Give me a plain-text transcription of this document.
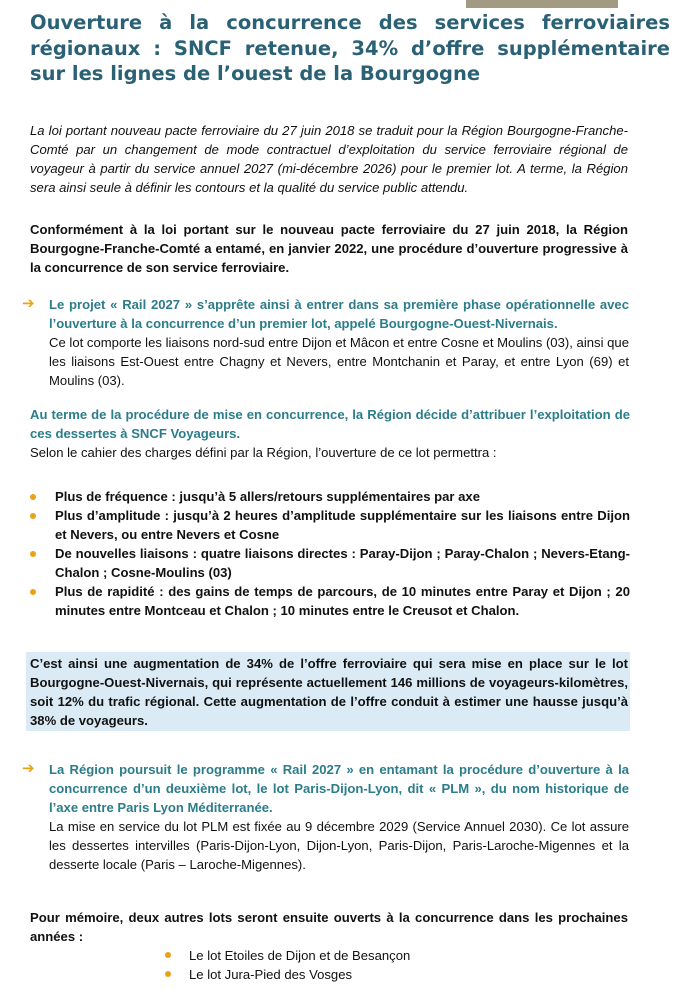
Ouverture à la concurrence des services ferroviaires régionaux : SNCF retenue, 34% d’offre supplémentaire sur les lignes de l’ouest de la Bourgogne

La loi portant nouveau pacte ferroviaire du 27 juin 2018 se traduit pour la Région Bourgogne-Franche-Comté par un changement de mode contractuel d’exploitation du service ferroviaire régional de voyageur à partir du service annuel 2027 (mi-décembre 2026) pour le premier lot. A terme, la Région sera ainsi seule à définir les contours et la qualité du service public attendu.

Conformément à la loi portant sur le nouveau pacte ferroviaire du 27 juin 2018, la Région Bourgogne-Franche-Comté a entamé, en janvier 2022, une procédure d’ouverture progressive à la concurrence de son service ferroviaire.

➔ Le projet « Rail 2027 » s’apprête ainsi à entrer dans sa première phase opérationnelle avec l’ouverture à la concurrence d’un premier lot, appelé Bourgogne-Ouest-Nivernais.

Ce lot comporte les liaisons nord-sud entre Dijon et Mâcon et entre Cosne et Moulins (03), ainsi que les liaisons Est-Ouest entre Chagny et Nevers, entre Montchanin et Paray, et entre Lyon (69) et Moulins (03).

Au terme de la procédure de mise en concurrence, la Région décide d’attribuer l’exploitation de ces dessertes à SNCF Voyageurs.

Selon le cahier des charges défini par la Région, l’ouverture de ce lot permettra :

Plus de fréquence : jusqu’à 5 allers/retours supplémentaires par axe
Plus d’amplitude : jusqu’à 2 heures d’amplitude supplémentaire sur les liaisons entre Dijon et Nevers, ou entre Nevers et Cosne
De nouvelles liaisons : quatre liaisons directes : Paray-Dijon ; Paray-Chalon ; Nevers-Etang-Chalon ; Cosne-Moulins (03)
Plus de rapidité : des gains de temps de parcours, de 10 minutes entre Paray et Dijon ; 20 minutes entre Montceau et Chalon ; 10 minutes entre le Creusot et Chalon.

C’est ainsi une augmentation de 34% de l’offre ferroviaire qui sera mise en place sur le lot Bourgogne-Ouest-Nivernais, qui représente actuellement 146 millions de voyageurs-kilomètres, soit 12% du trafic régional. Cette augmentation de l’offre conduit à estimer une hausse jusqu’à 38% de voyageurs.

➔ La Région poursuit le programme « Rail 2027 » en entamant la procédure d’ouverture à la concurrence d’un deuxième lot, le lot Paris-Dijon-Lyon, dit « PLM », du nom historique de l’axe entre Paris Lyon Méditerranée.

La mise en service du lot PLM est fixée au 9 décembre 2029 (Service Annuel 2030). Ce lot assure les dessertes intervilles (Paris-Dijon-Lyon, Dijon-Lyon, Paris-Dijon, Paris-Laroche-Migennes et la desserte locale (Paris – Laroche-Migennes).

Pour mémoire, deux autres lots seront ensuite ouverts à la concurrence dans les prochaines années :

Le lot Etoiles de Dijon et de Besançon
Le lot Jura-Pied des Vosges
